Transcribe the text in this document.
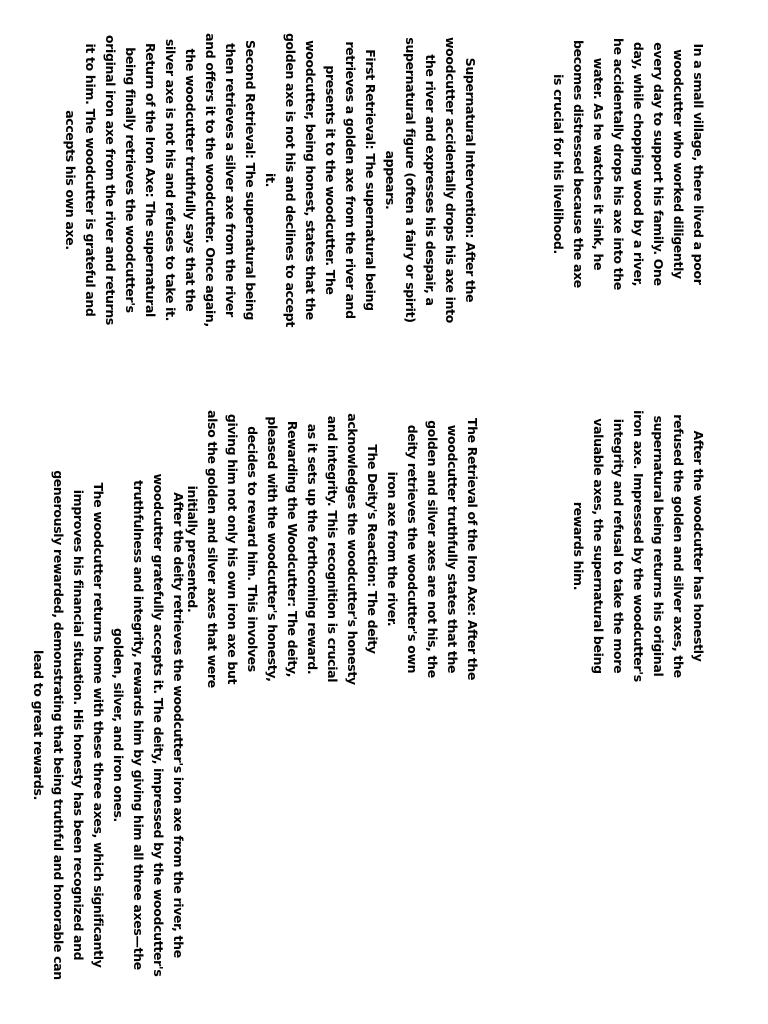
In a small village, there lived a poor woodcutter who worked diligently every day to support his family. One day, while chopping wood by a river, he accidentally drops his axe into the water. As he watches it sink, he becomes distressed because the axe is crucial for his livelihood.

Supernatural Intervention: After the woodcutter accidentally drops his axe into the river and expresses his despair, a supernatural figure (often a fairy or spirit) appears.

First Retrieval: The supernatural being retrieves a golden axe from the river and presents it to the woodcutter. The woodcutter, being honest, states that the golden axe is not his and declines to accept it.

Second Retrieval: The supernatural being then retrieves a silver axe from the river and offers it to the woodcutter. Once again, the woodcutter truthfully says that the silver axe is not his and refuses to take it.

Return of the Iron Axe: The supernatural being finally retrieves the woodcutter's original iron axe from the river and returns it to him. The woodcutter is grateful and accepts his own axe.

After the woodcutter has honestly refused the golden and silver axes, the supernatural being returns his original iron axe. Impressed by the woodcutter's integrity and refusal to take the more valuable axes, the supernatural being rewards him.

The Retrieval of the Iron Axe: After the woodcutter truthfully states that the golden and silver axes are not his, the deity retrieves the woodcutter's own iron axe from the river.

The Deity's Reaction: The deity acknowledges the woodcutter's honesty and integrity. This recognition is crucial as it sets up the forthcoming reward.

Rewarding the Woodcutter: The deity, pleased with the woodcutter's honesty, decides to reward him. This involves giving him not only his own iron axe but also the golden and silver axes that were initially presented.

After the deity retrieves the woodcutter's iron axe from the river, the woodcutter gratefully accepts it. The deity, impressed by the woodcutter's truthfulness and integrity, rewards him by giving him all three axes—the golden, silver, and iron ones.

The woodcutter returns home with these three axes, which significantly improves his financial situation. His honesty has been recognized and generously rewarded, demonstrating that being truthful and honorable can lead to great rewards.
